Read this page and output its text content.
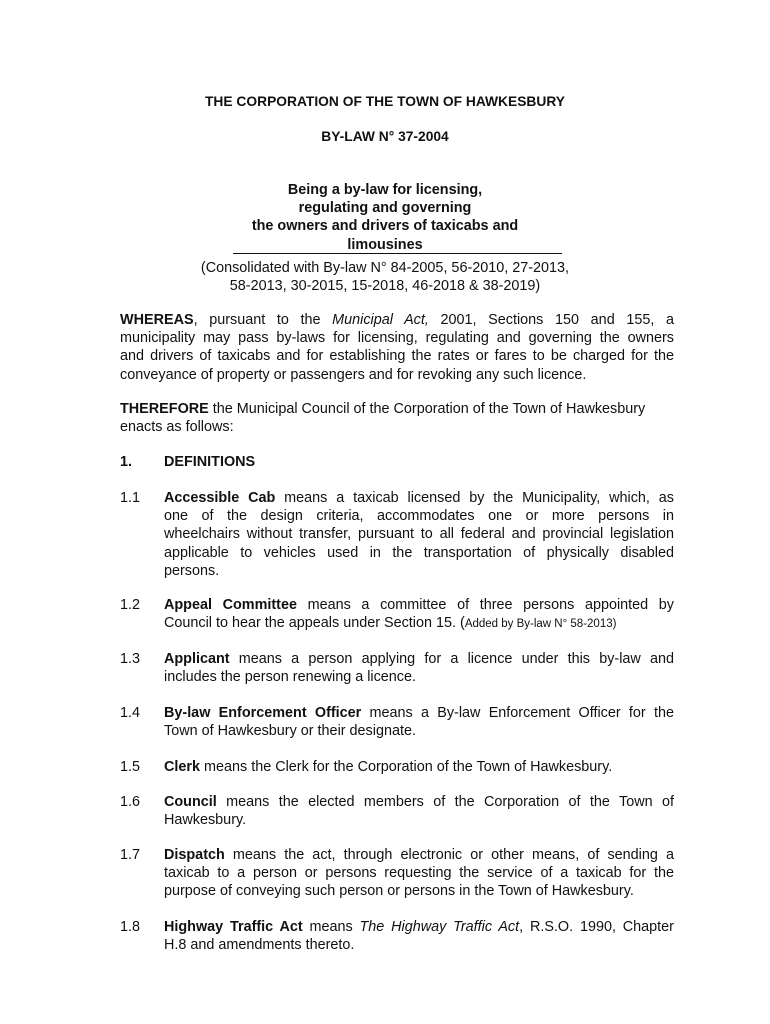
THE CORPORATION OF THE TOWN OF HAWKESBURY
BY-LAW N° 37-2004
Being a by-law for licensing,
regulating and governing
the owners and drivers of taxicabs and
limousines
(Consolidated with By-law N° 84-2005, 56-2010, 27-2013,
58-2013, 30-2015, 15-2018, 46-2018 & 38-2019)
WHEREAS, pursuant to the Municipal Act, 2001, Sections 150 and 155, a
municipality may pass by-laws for licensing, regulating and governing the owners
and drivers of taxicabs and for establishing the rates or fares to be charged for the
conveyance of property or passengers and for revoking any such licence.
THEREFORE the Municipal Council of the Corporation of the Town of Hawkesbury
enacts as follows:
1. DEFINITIONS
1.1 Accessible Cab means a taxicab licensed by the Municipality, which, as
one of the design criteria, accommodates one or more persons in
wheelchairs without transfer, pursuant to all federal and provincial legislation
applicable to vehicles used in the transportation of physically disabled
persons.
1.2 Appeal Committee means a committee of three persons appointed by
Council to hear the appeals under Section 15. (Added by By-law N° 58-2013)
1.3 Applicant means a person applying for a licence under this by-law and
includes the person renewing a licence.
1.4 By-law Enforcement Officer means a By-law Enforcement Officer for the
Town of Hawkesbury or their designate.
1.5 Clerk means the Clerk for the Corporation of the Town of Hawkesbury.
1.6 Council means the elected members of the Corporation of the Town of
Hawkesbury.
1.7 Dispatch means the act, through electronic or other means, of sending a
taxicab to a person or persons requesting the service of a taxicab for the
purpose of conveying such person or persons in the Town of Hawkesbury.
1.8 Highway Traffic Act means The Highway Traffic Act, R.S.O. 1990, Chapter
H.8 and amendments thereto.
